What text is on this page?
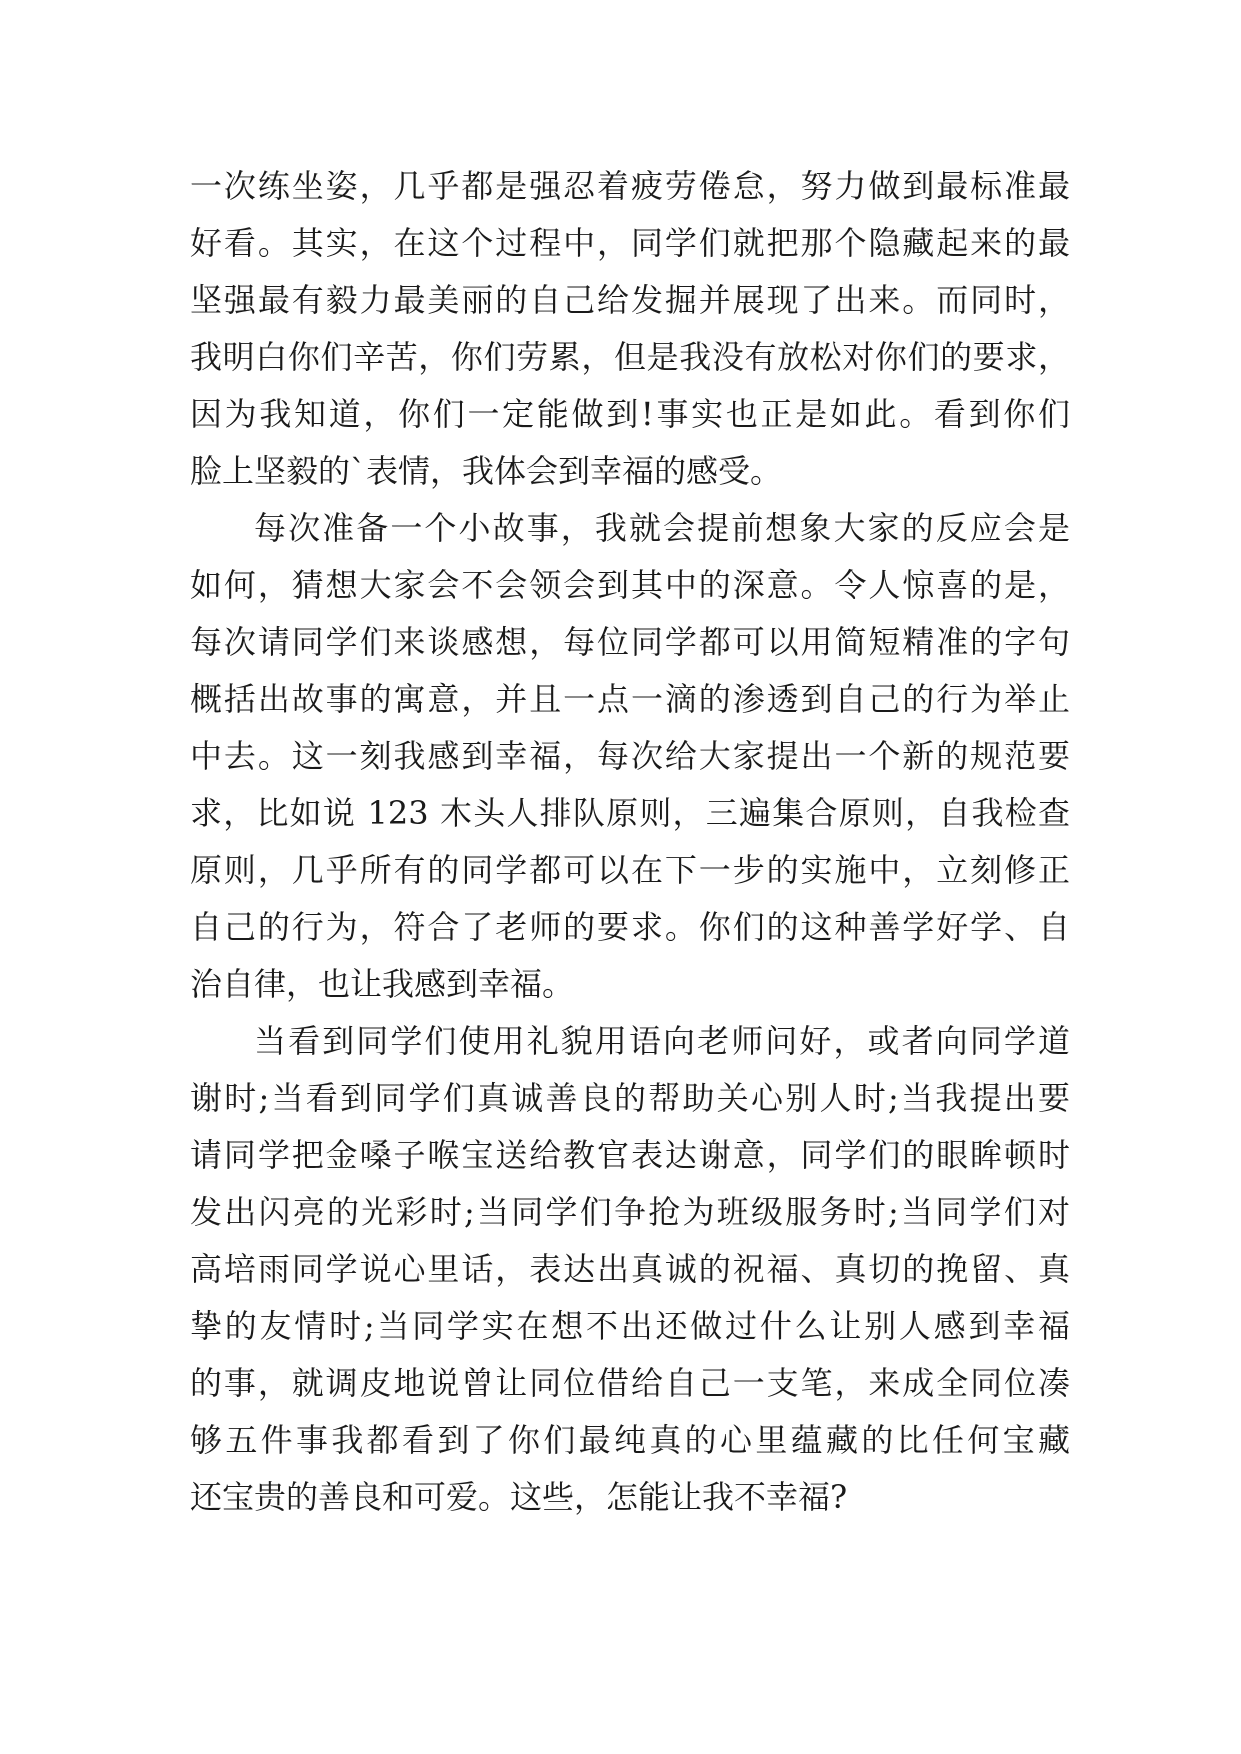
一次练坐姿，几乎都是强忍着疲劳倦怠，努力做到最标准最
好看。其实，在这个过程中，同学们就把那个隐藏起来的最
坚强最有毅力最美丽的自己给发掘并展现了出来。而同时，
我明白你们辛苦，你们劳累，但是我没有放松对你们的要求，
因为我知道，你们一定能做到!事实也正是如此。看到你们
脸上坚毅的`表情，我体会到幸福的感受。
每次准备一个小故事，我就会提前想象大家的反应会是
如何，猜想大家会不会领会到其中的深意。令人惊喜的是，
每次请同学们来谈感想，每位同学都可以用简短精准的字句
概括出故事的寓意，并且一点一滴的渗透到自己的行为举止
中去。这一刻我感到幸福，每次给大家提出一个新的规范要
求，比如说 123 木头人排队原则，三遍集合原则，自我检查
原则，几乎所有的同学都可以在下一步的实施中，立刻修正
自己的行为，符合了老师的要求。你们的这种善学好学、自
治自律，也让我感到幸福。
当看到同学们使用礼貌用语向老师问好，或者向同学道
谢时;当看到同学们真诚善良的帮助关心别人时;当我提出要
请同学把金嗓子喉宝送给教官表达谢意，同学们的眼眸顿时
发出闪亮的光彩时;当同学们争抢为班级服务时;当同学们对
高培雨同学说心里话，表达出真诚的祝福、真切的挽留、真
挚的友情时;当同学实在想不出还做过什么让别人感到幸福
的事，就调皮地说曾让同位借给自己一支笔，来成全同位凑
够五件事我都看到了你们最纯真的心里蕴藏的比任何宝藏
还宝贵的善良和可爱。这些，怎能让我不幸福?
